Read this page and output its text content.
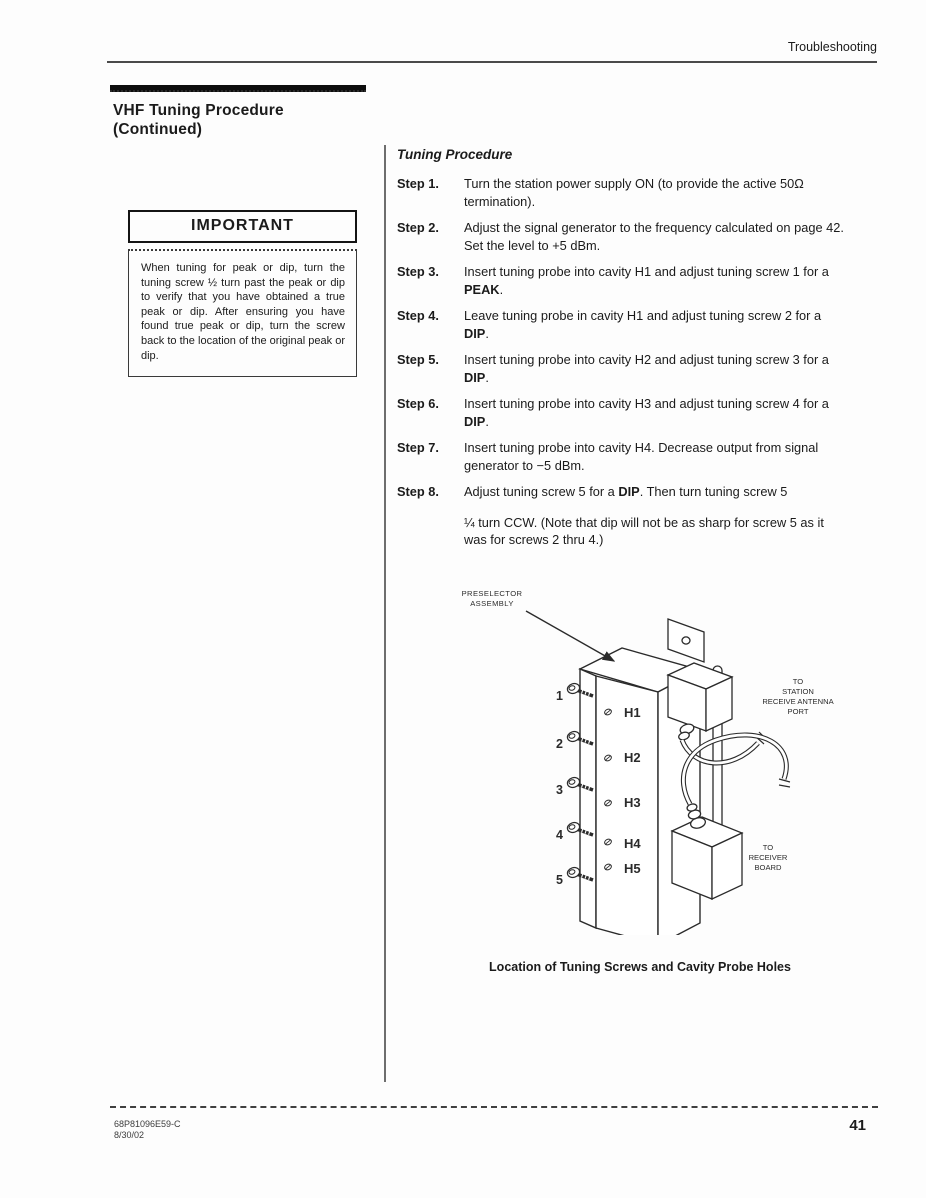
Troubleshooting
VHF Tuning Procedure
(Continued)
IMPORTANT
When tuning for peak or dip, turn the tuning screw ½ turn past the peak or dip to verify that you have obtained a true peak or dip. After ensuring you have found true peak or dip, turn the screw back to the location of the original peak or dip.

Tuning Procedure

Step 1.	Turn the station power supply ON (to provide the active 50Ω termination).
Step 2.	Adjust the signal generator to the frequency calculated on page 42. Set the level to +5 dBm.
Step 3.	Insert tuning probe into cavity H1 and adjust tuning screw 1 for a PEAK.
Step 4.	Leave tuning probe in cavity H1 and adjust tuning screw 2 for a DIP.
Step 5.	Insert tuning probe into cavity H2 and adjust tuning screw 3 for a DIP.
Step 6.	Insert tuning probe into cavity H3 and adjust tuning screw 4 for a DIP.
Step 7.	Insert tuning probe into cavity H4. Decrease output from signal generator to −5 dBm.
Step 8.	Adjust tuning screw 5 for a DIP. Then turn tuning screw 5
¼ turn CCW. (Note that dip will not be as sharp for screw 5 as it was for screws 2 thru 4.)
1
2
3
4
5
H1
H2
H3
H4
H5
PRESELECTOR
ASSEMBLY
TO
STATION
RECEIVE ANTENNA
PORT
TO
RECEIVER
BOARD
Location of Tuning Screws and Cavity Probe Holes
68P81096E59-C
8/30/02
41
